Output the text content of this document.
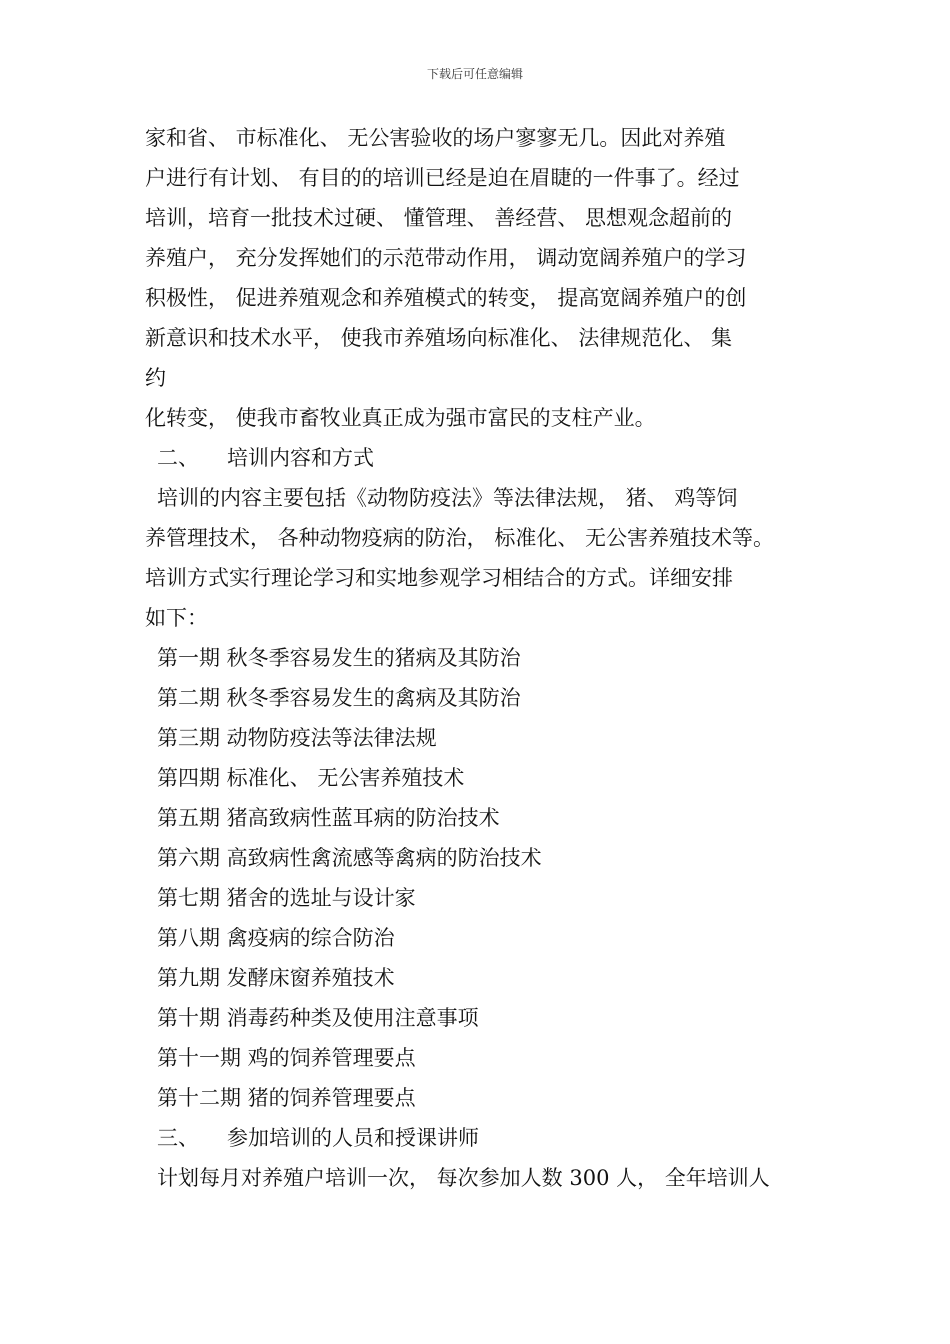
下载后可任意编辑
家和省、 市标准化、 无公害验收的场户寥寥无几。因此对养殖
户进行有计划、 有目的的培训已经是迫在眉睫的一件事了。经过
培训，培育一批技术过硬、 懂管理、 善经营、 思想观念超前的
养殖户， 充分发挥她们的示范带动作用， 调动宽阔养殖户的学习
积极性， 促进养殖观念和养殖模式的转变， 提高宽阔养殖户的创
新意识和技术水平， 使我市养殖场向标准化、 法律规范化、 集
约
化转变， 使我市畜牧业真正成为强市富民的支柱产业。
二、 培训内容和方式
培训的内容主要包括《动物防疫法》等法律法规， 猪、 鸡等饲
养管理技术， 各种动物疫病的防治， 标准化、 无公害养殖技术等。
培训方式实行理论学习和实地参观学习相结合的方式。详细安排
如下：
第一期 秋冬季容易发生的猪病及其防治
第二期 秋冬季容易发生的禽病及其防治
第三期 动物防疫法等法律法规
第四期 标准化、 无公害养殖技术
第五期 猪高致病性蓝耳病的防治技术
第六期 高致病性禽流感等禽病的防治技术
第七期 猪舍的选址与设计家
第八期 禽疫病的综合防治
第九期 发酵床窗养殖技术
第十期 消毒药种类及使用注意事项
第十一期 鸡的饲养管理要点
第十二期 猪的饲养管理要点
三、 参加培训的人员和授课讲师
计划每月对养殖户培训一次， 每次参加人数 300 人， 全年培训人
